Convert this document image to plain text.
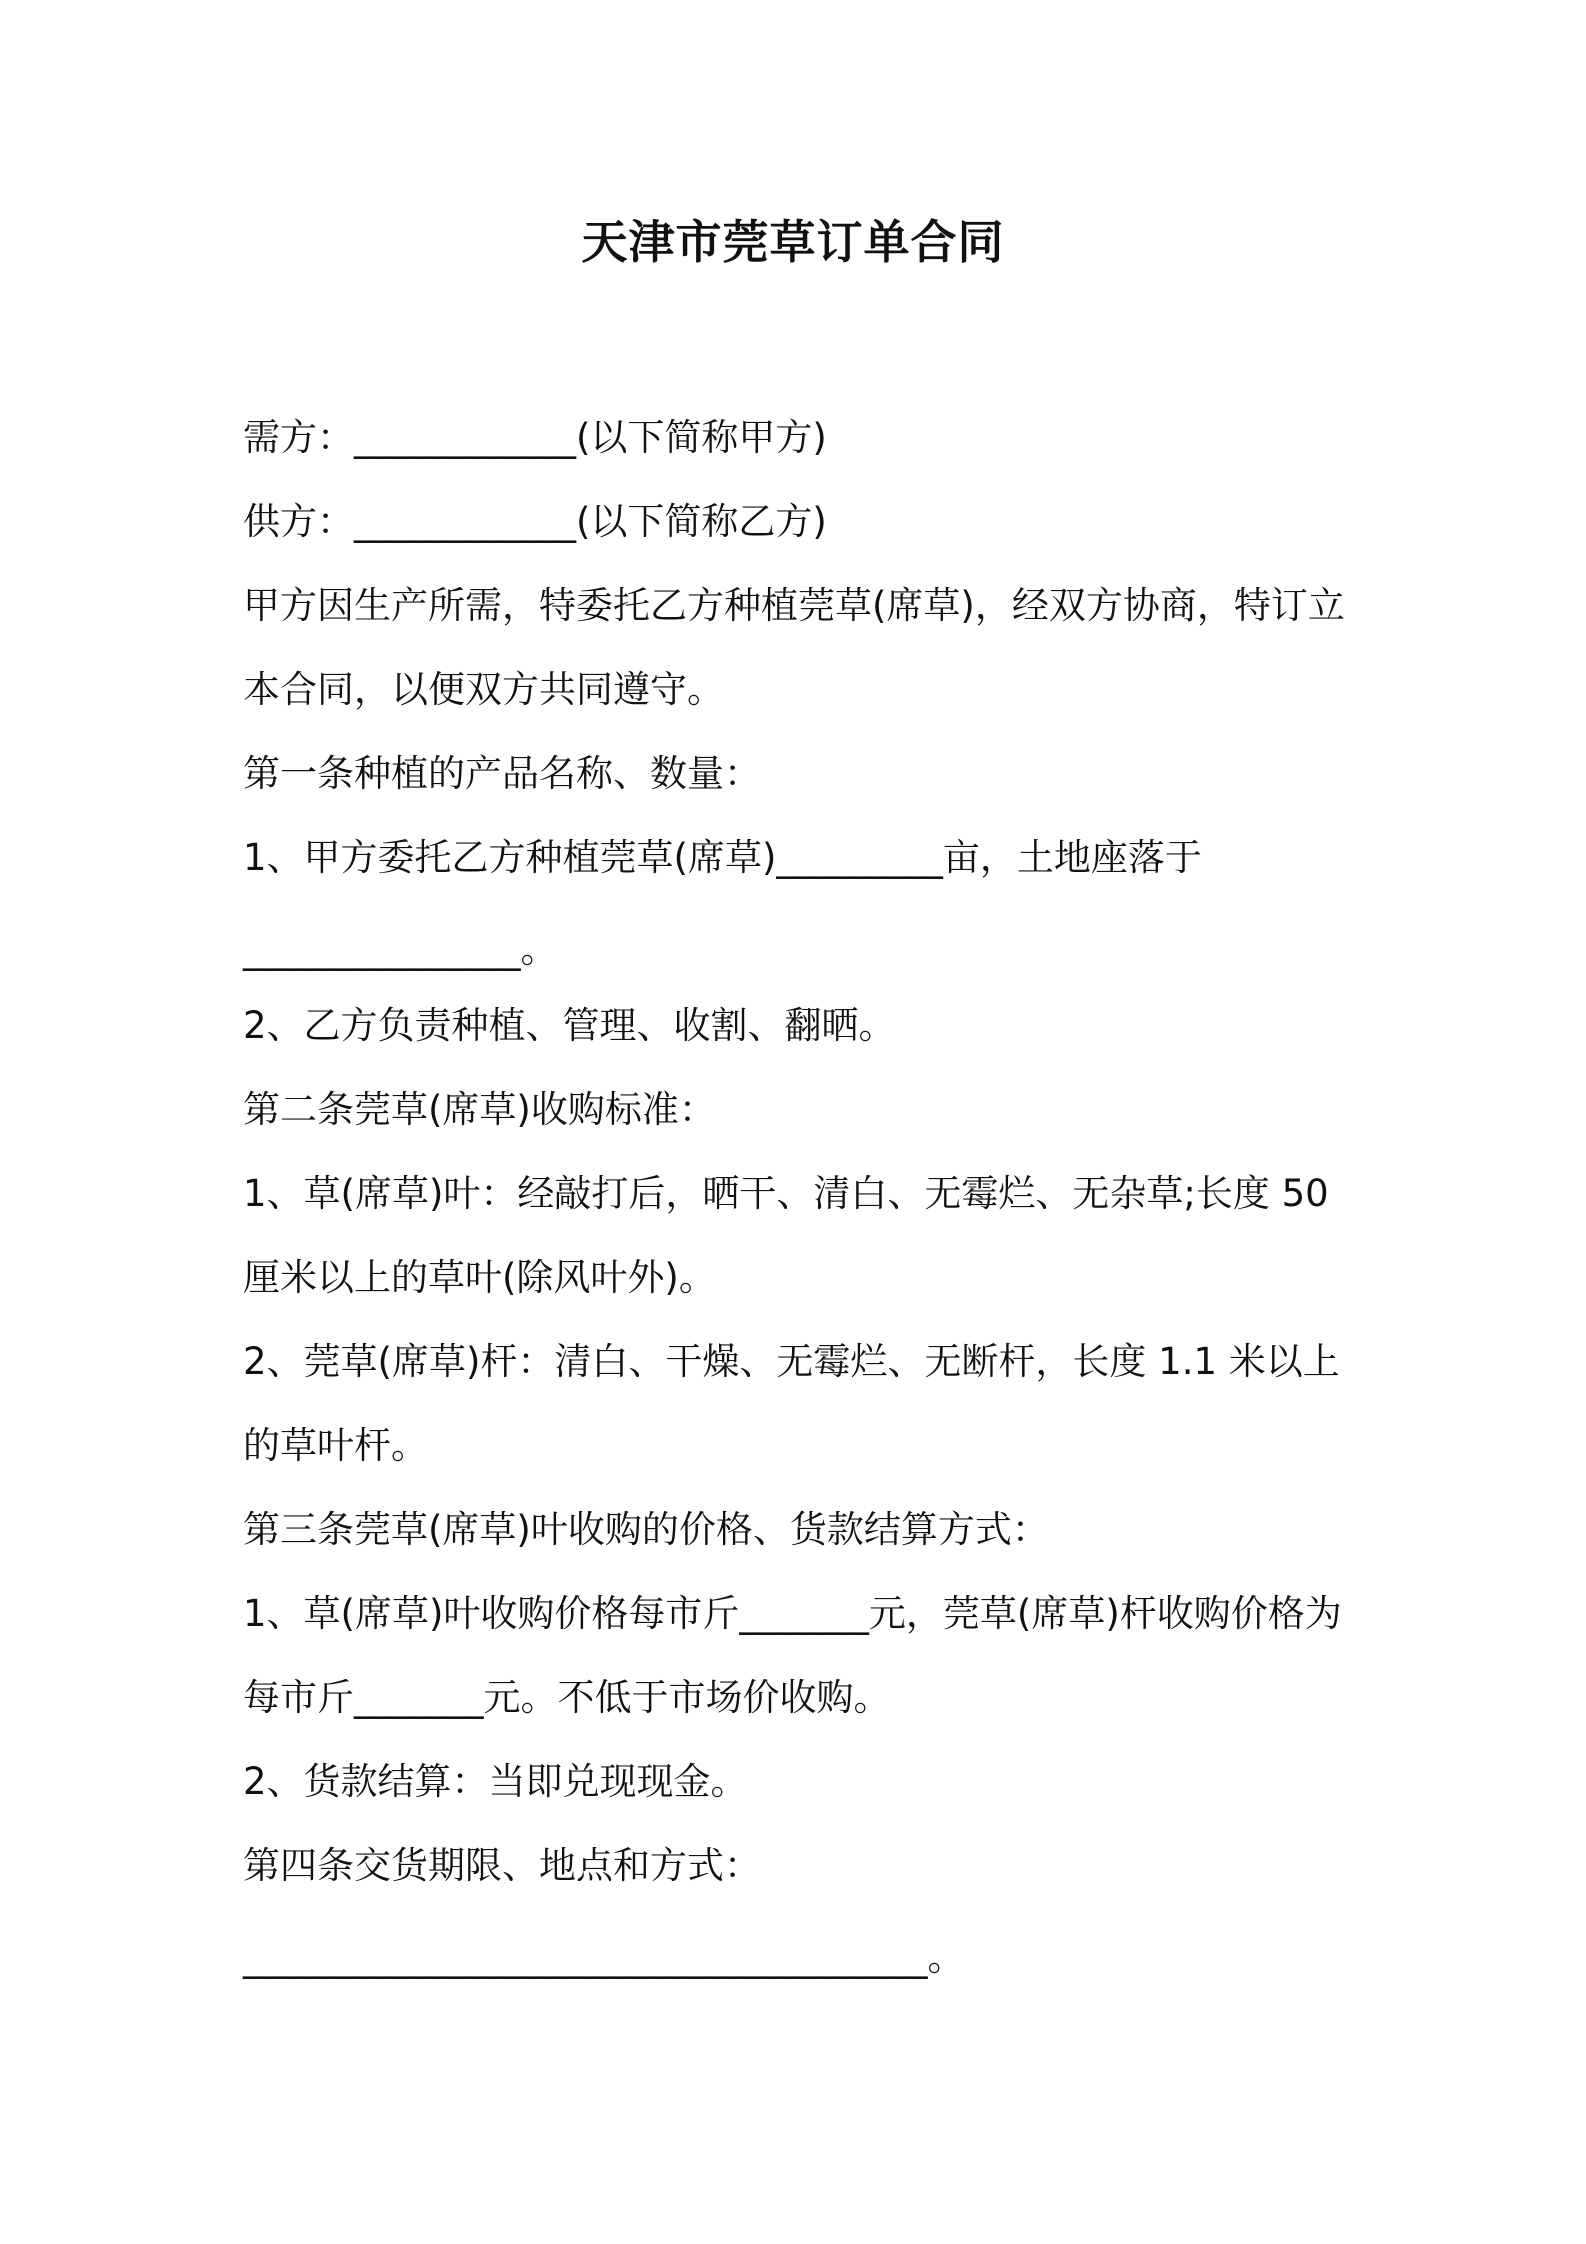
天津市莞草订单合同
需方：____________(以下简称甲方)
供方：____________(以下简称乙方)
甲方因生产所需，特委托乙方种植莞草(席草)，经双方协商，特订立
本合同，以便双方共同遵守。
第一条种植的产品名称、数量：
1、甲方委托乙方种植莞草(席草)_________亩，土地座落于
_______________。
2、乙方负责种植、管理、收割、翻晒。
第二条莞草(席草)收购标准：
1、草(席草)叶：经敲打后，晒干、清白、无霉烂、无杂草;长度 50
厘米以上的草叶(除风叶外)。
2、莞草(席草)杆：清白、干燥、无霉烂、无断杆，长度 1.1 米以上
的草叶杆。
第三条莞草(席草)叶收购的价格、货款结算方式：
1、草(席草)叶收购价格每市斤_______元，莞草(席草)杆收购价格为
每市斤_______元。不低于市场价收购。
2、货款结算：当即兑现现金。
第四条交货期限、地点和方式：
_____________________________________。
